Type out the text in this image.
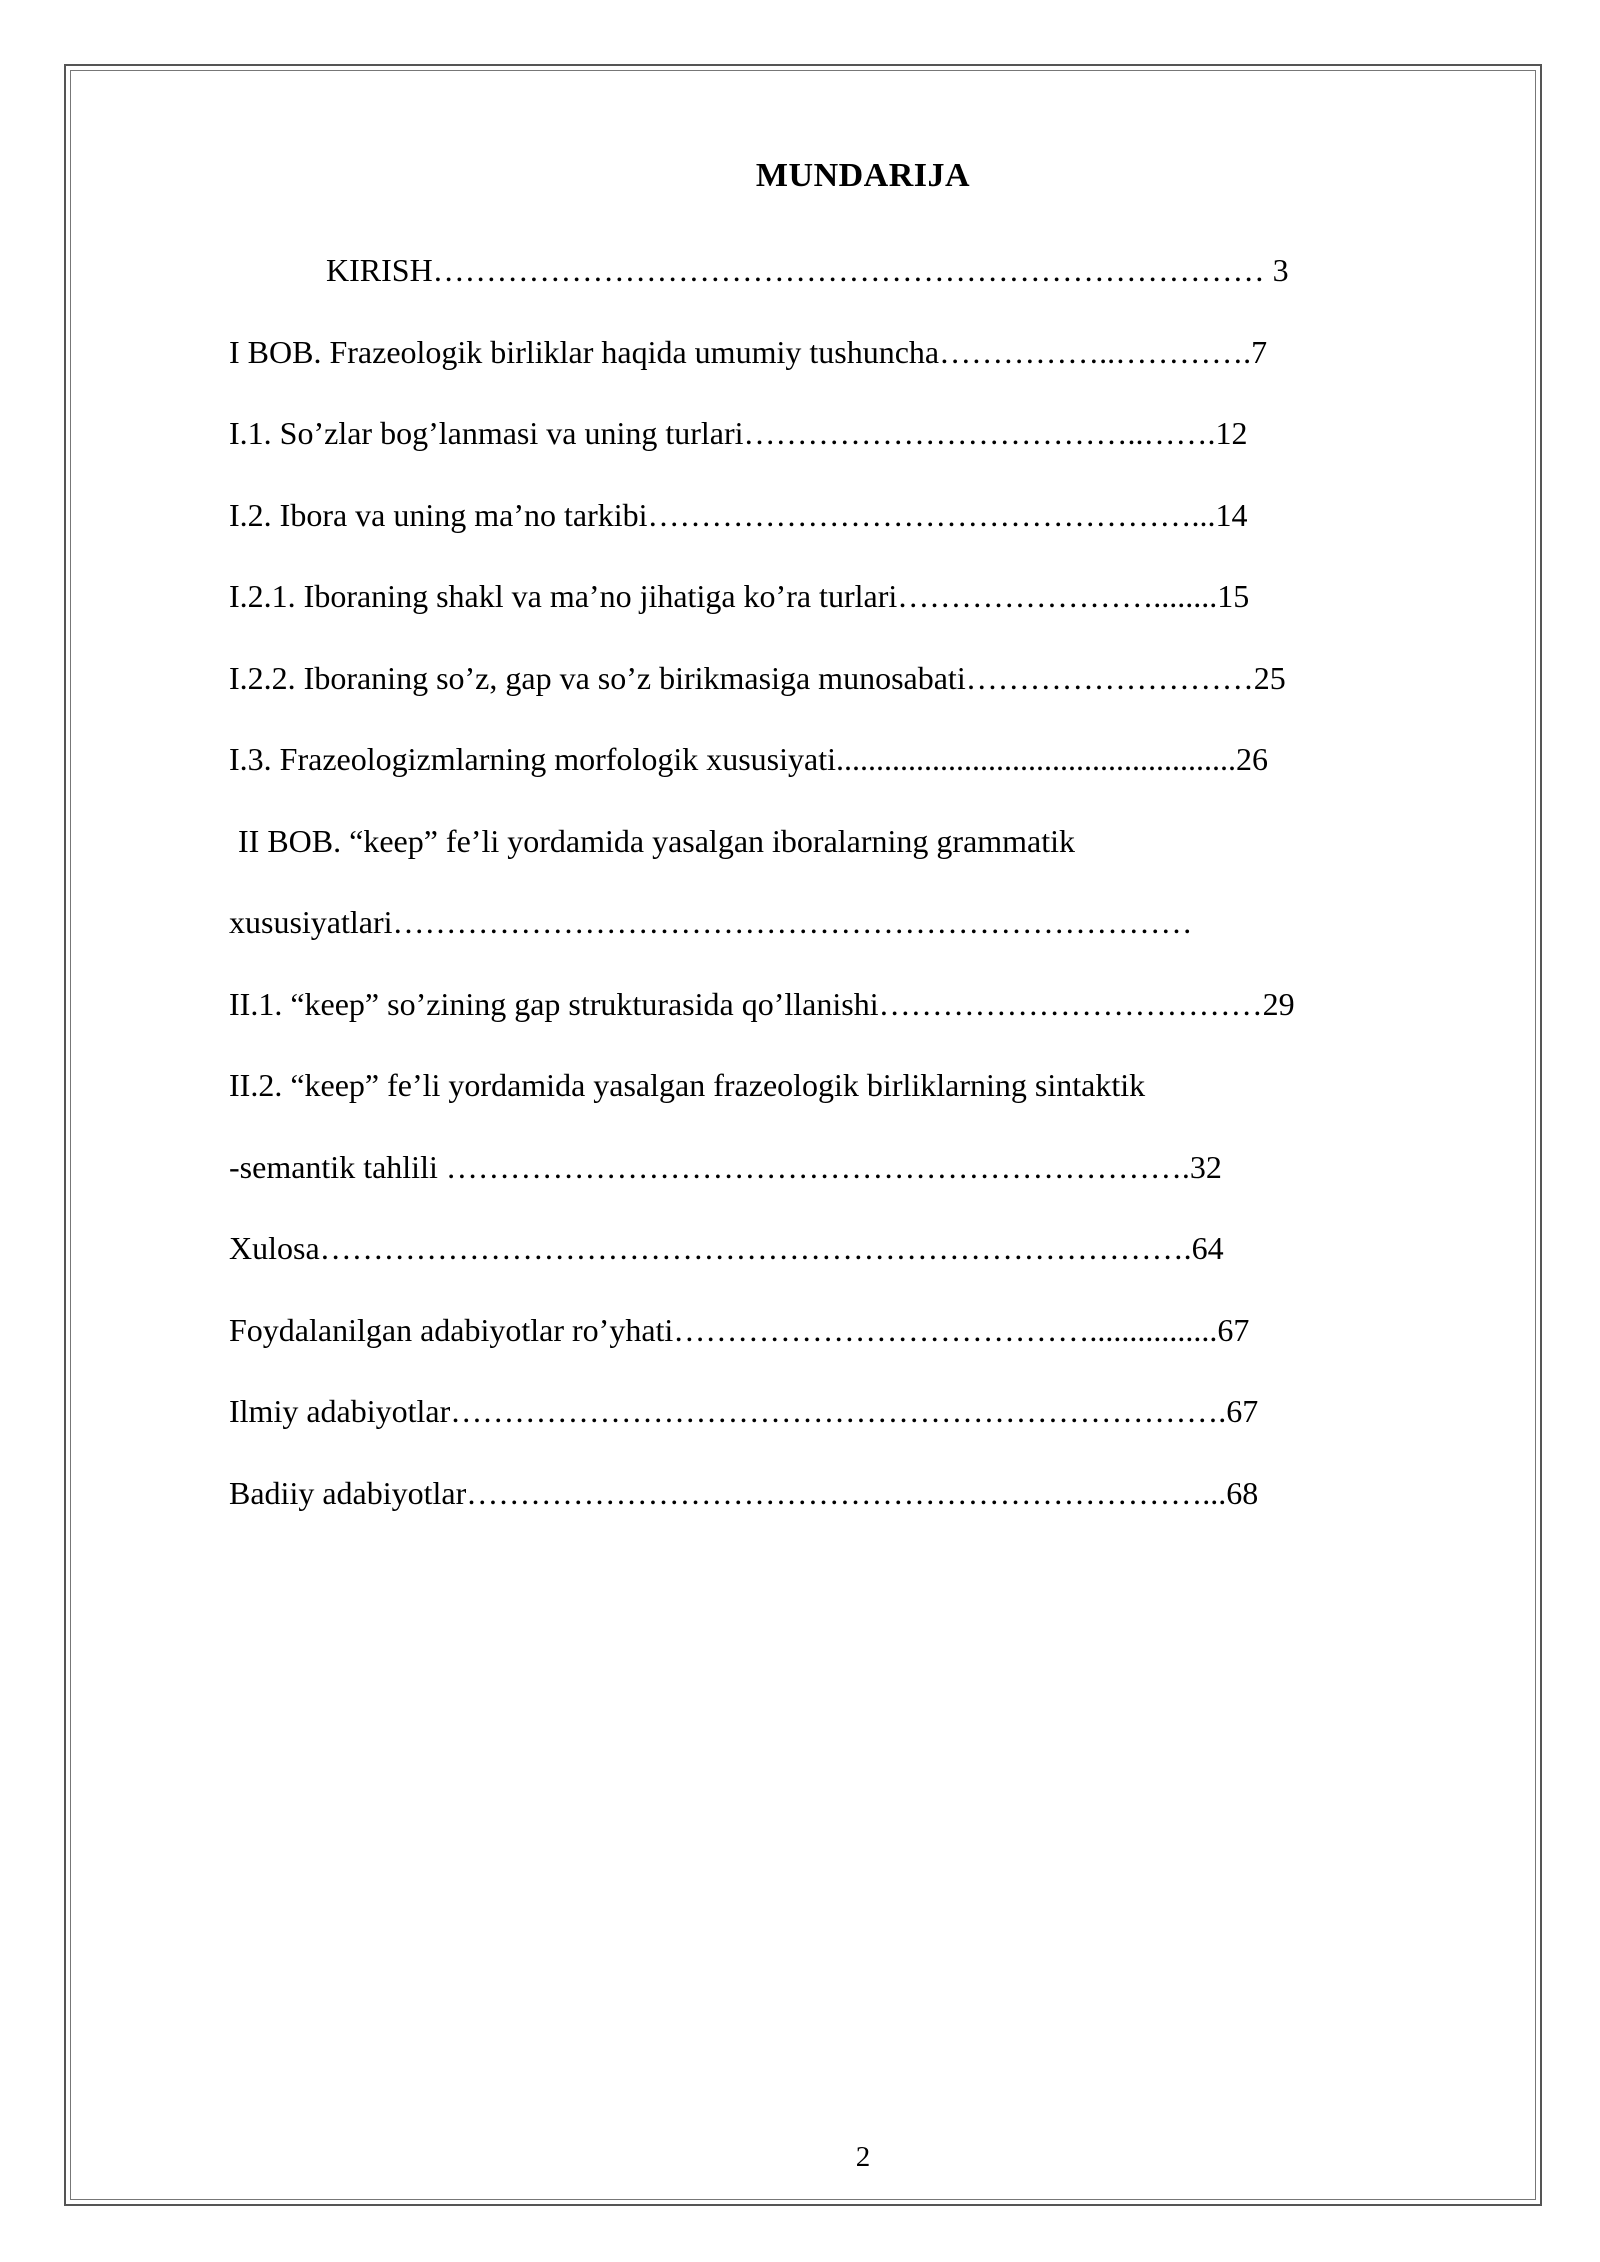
MUNDARIJA
KIRISH…………………………………………………………………… 3
I BOB. Frazeologik birliklar haqida umumiy tushuncha……………..………….7
I.1. So’zlar bog’lanmasi va uning turlari………………………………..…….12
I.2. Ibora va uning ma’no tarkibi……………………………………………...14
I.2.1. Iboraning shakl va ma’no jihatiga ko’ra turlari……………………........15
I.2.2. Iboraning so’z, gap va so’z birikmasiga munosabati………………………25
I.3. Frazeologizmlarning morfologik xususiyati..................................................26
II BOB. “keep” fe’li yordamida yasalgan iboralarning grammatik
xususiyatlari…………………………………………………………………
II.1. “keep” so’zining gap strukturasida qo’llanishi………………………………29
II.2. “keep” fe’li yordamida yasalgan frazeologik birliklarning sintaktik
-semantik tahlili …………………………………………………………….32
Xulosa……………………………………………………………………….64
Foydalanilgan adabiyotlar ro’yhati…………………………………................67
Ilmiy adabiyotlar……………………………………………………………….67
Badiiy adabiyotlar……………………………………………………………...68
2
